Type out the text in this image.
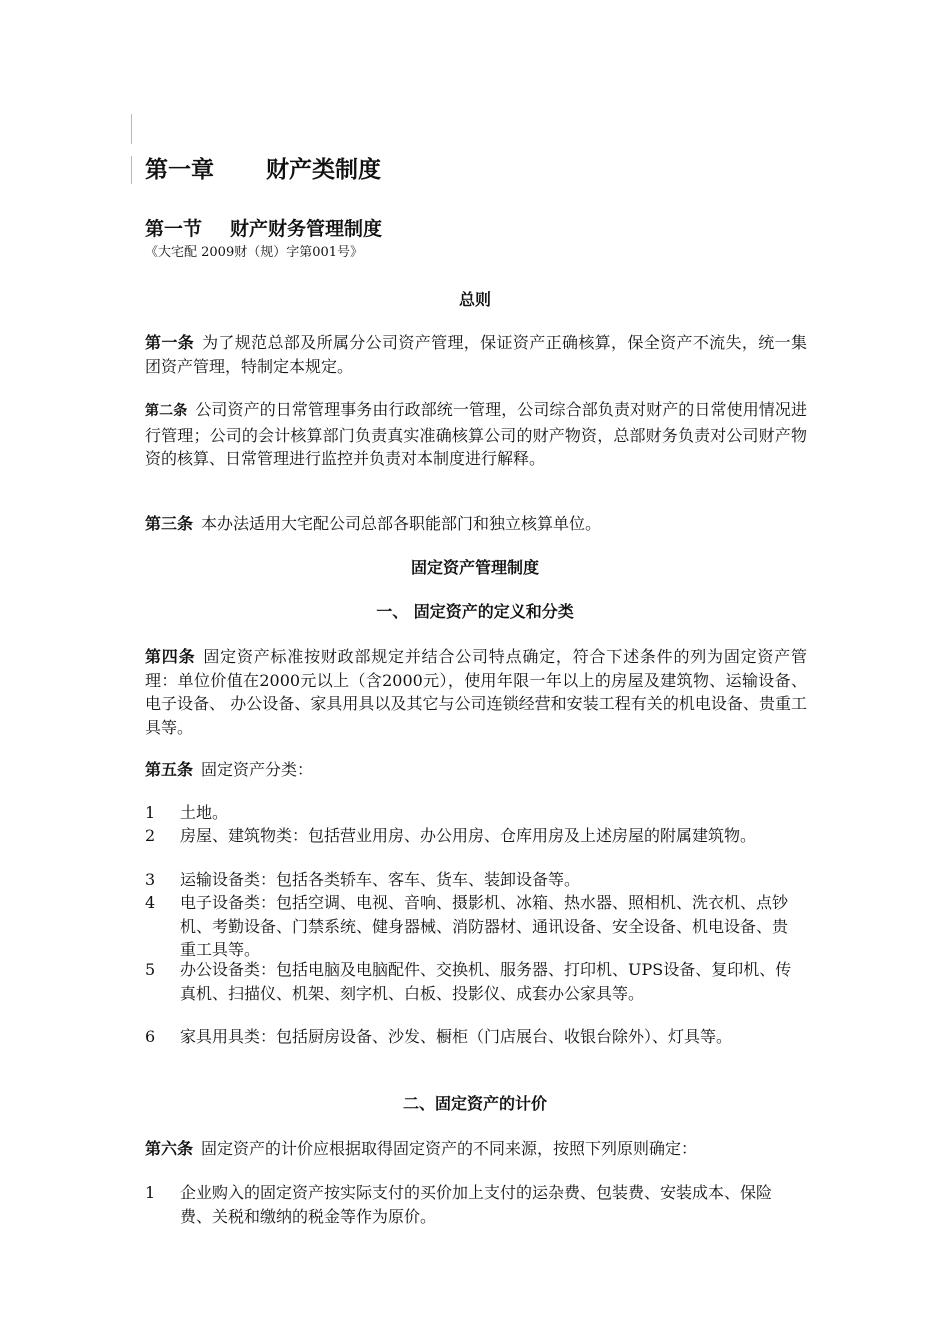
第一章 财产类制度
第一节 财产财务管理制度
《大宅配 2009财（规）字第001号》
总则
第一条 为了规范总部及所属分公司资产管理，保证资产正确核算，保全资产不流失，统一集团资产管理，特制定本规定。
第二条 公司资产的日常管理事务由行政部统一管理，公司综合部负责对财产的日常使用情况进行管理；公司的会计核算部门负责真实准确核算公司的财产物资，总部财务负责对公司财产物资的核算、日常管理进行监控并负责对本制度进行解释。
第三条 本办法适用大宅配公司总部各职能部门和独立核算单位。
固定资产管理制度
一、 固定资产的定义和分类
第四条 固定资产标准按财政部规定并结合公司特点确定，符合下述条件的列为固定资产管理：单位价值在2000元以上（含2000元），使用年限一年以上的房屋及建筑物、运输设备、电子设备、 办公设备、家具用具以及其它与公司连锁经营和安装工程有关的机电设备、贵重工具等。
第五条 固定资产分类：
1 土地。
2 房屋、建筑物类：包括营业用房、办公用房、仓库用房及上述房屋的附属建筑物。
3 运输设备类：包括各类轿车、客车、货车、装卸设备等。
4 电子设备类：包括空调、电视、音响、摄影机、冰箱、热水器、照相机、洗衣机、点钞机、考勤设备、门禁系统、健身器械、消防器材、通讯设备、安全设备、机电设备、贵重工具等。
5 办公设备类：包括电脑及电脑配件、交换机、服务器、打印机、UPS设备、复印机、传真机、扫描仪、机架、刻字机、白板、投影仪、成套办公家具等。
6 家具用具类：包括厨房设备、沙发、橱柜（门店展台、收银台除外）、灯具等。
二、固定资产的计价
第六条 固定资产的计价应根据取得固定资产的不同来源，按照下列原则确定：
1 企业购入的固定资产按实际支付的买价加上支付的运杂费、包装费、安装成本、保险费、关税和缴纳的税金等作为原价。
